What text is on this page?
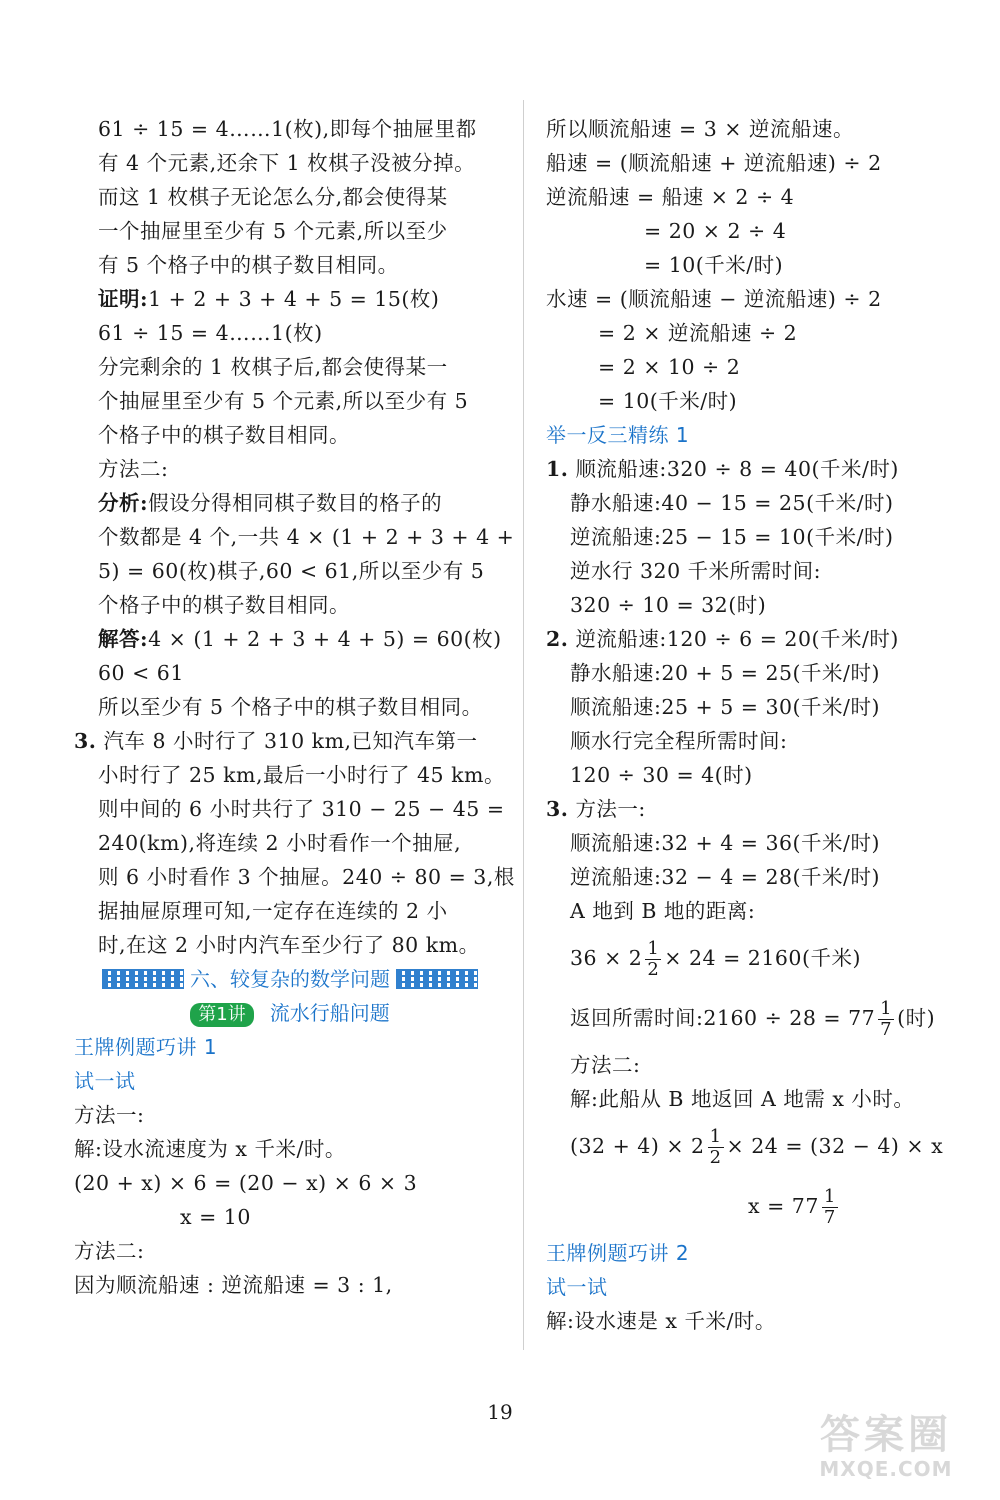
61 ÷ 15 = 4……1(枚),即每个抽屉里都
有 4 个元素,还余下 1 枚棋子没被分掉。
而这 1 枚棋子无论怎么分,都会使得某
一个抽屉里至少有 5 个元素,所以至少
有 5 个格子中的棋子数目相同。
证明:1 + 2 + 3 + 4 + 5 = 15(枚)
61 ÷ 15 = 4……1(枚)
分完剩余的 1 枚棋子后,都会使得某一
个抽屉里至少有 5 个元素,所以至少有 5
个格子中的棋子数目相同。
方法二:
分析:假设分得相同棋子数目的格子的
个数都是 4 个,一共 4 × (1 + 2 + 3 + 4 +
5) = 60(枚)棋子,60 < 61,所以至少有 5
个格子中的棋子数目相同。
解答:4 × (1 + 2 + 3 + 4 + 5) = 60(枚)
60 < 61
所以至少有 5 个格子中的棋子数目相同。
3. 汽车 8 小时行了 310 km,已知汽车第一
小时行了 25 km,最后一小时行了 45 km。
则中间的 6 小时共行了 310 − 25 − 45 =
240(km),将连续 2 小时看作一个抽屉,
则 6 小时看作 3 个抽屉。240 ÷ 80 = 3,根
据抽屉原理可知,一定存在连续的 2 小
时,在这 2 小时内汽车至少行了 80 km。
六、较复杂的数学问题
第1讲 流水行船问题
王牌例题巧讲 1
试一试
方法一:
解:设水流速度为 x 千米/时。
(20 + x) × 6 = (20 − x) × 6 × 3
x = 10
方法二:
因为顺流船速 : 逆流船速 = 3 : 1,
所以顺流船速 = 3 × 逆流船速。
船速 = (顺流船速 + 逆流船速) ÷ 2
逆流船速 = 船速 × 2 ÷ 4
= 20 × 2 ÷ 4
= 10(千米/时)
水速 = (顺流船速 − 逆流船速) ÷ 2
= 2 × 逆流船速 ÷ 2
= 2 × 10 ÷ 2
= 10(千米/时)
举一反三精练 1
1. 顺流船速:320 ÷ 8 = 40(千米/时)
静水船速:40 − 15 = 25(千米/时)
逆流船速:25 − 15 = 10(千米/时)
逆水行 320 千米所需时间:
320 ÷ 10 = 32(时)
2. 逆流船速:120 ÷ 6 = 20(千米/时)
静水船速:20 + 5 = 25(千米/时)
顺流船速:25 + 5 = 30(千米/时)
顺水行完全程所需时间:
120 ÷ 30 = 4(时)
3. 方法一:
顺流船速:32 + 4 = 36(千米/时)
逆流船速:32 − 4 = 28(千米/时)
A 地到 B 地的距离:
$36 \times 2 \frac{1}{2} \times 24 = 2160$(千米)
返回所需时间:2160 ÷ $28 = 77 \frac{1}{7}$ (时)
方法二:
解:此船从 B 地返回 A 地需 x 小时。
$(32 + 4) \times 2 \frac{1}{2} \times 24 = (32 - 4) \times x$
$x = 77 \frac{1}{7}$
王牌例题巧讲 2
试一试
解:设水速是 x 千米/时。
19	答案圈
MXQE.COM
